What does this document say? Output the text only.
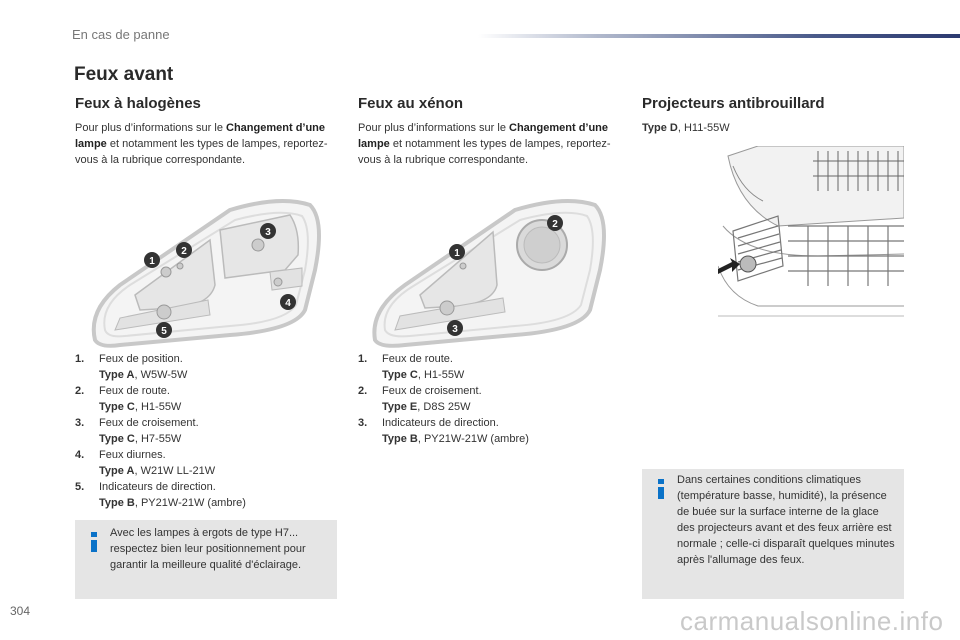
En cas de panne
Feux avant
Feux à halogènes
Pour plus d’informations sur le Changement d’une lampe et notamment les types de lampes, reportez-vous à la rubrique correspondante.
1
2
3
4
5
1. Feux de position.
Type A, W5W-5W
2. Feux de route.
Type C, H1-55W
3. Feux de croisement.
Type C, H7-55W
4. Feux diurnes.
Type A, W21W LL-21W
5. Indicateurs de direction.
Type B, PY21W-21W (ambre)
Avec les lampes à ergots de type H7... respectez bien leur positionnement pour garantir la meilleure qualité d'éclairage.
Feux au xénon
Pour plus d’informations sur le Changement d’une lampe et notamment les types de lampes, reportez-vous à la rubrique correspondante.
1
2
3
1. Feux de route.
Type C, H1-55W
2. Feux de croisement.
Type E, D8S 25W
3. Indicateurs de direction.
Type B, PY21W-21W (ambre)
Projecteurs antibrouillard
Type D, H11-55W
Dans certaines conditions climatiques (température basse, humidité), la présence de buée sur la surface interne de la glace des projecteurs avant et des feux arrière est normale ; celle-ci disparaît quelques minutes après l'allumage des feux.
304	carmanualsonline.info
